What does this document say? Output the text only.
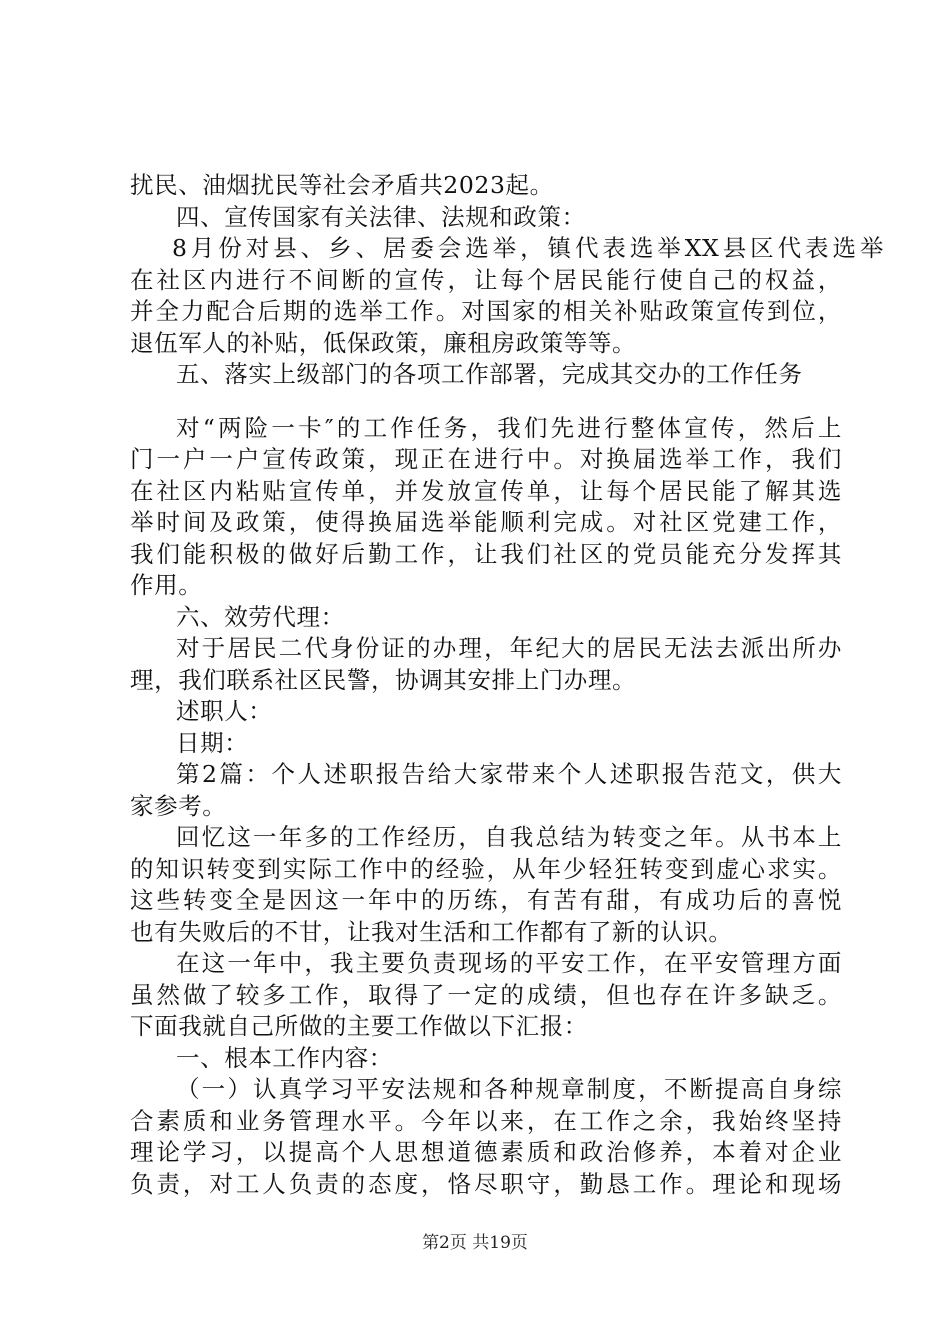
扰民、油烟扰民等社会矛盾共2023起。
四、宣传国家有关法律、法规和政策：
8月份对县、乡、居委会选举，镇代表选举XX县区代表选举
在社区内进行不间断的宣传，让每个居民能行使自己的权益，
并全力配合后期的选举工作。对国家的相关补贴政策宣传到位，
退伍军人的补贴，低保政策，廉租房政策等等。
五、落实上级部门的各项工作部署，完成其交办的工作任务
对“两险一卡″的工作任务，我们先进行整体宣传，然后上
门一户一户宣传政策，现正在进行中。对换届选举工作，我们
在社区内粘贴宣传单，并发放宣传单，让每个居民能了解其选
举时间及政策，使得换届选举能顺利完成。对社区党建工作，
我们能积极的做好后勤工作，让我们社区的党员能充分发挥其
作用。
六、效劳代理：
对于居民二代身份证的办理，年纪大的居民无法去派出所办
理，我们联系社区民警，协调其安排上门办理。
述职人：
日期：
第2篇：个人述职报告给大家带来个人述职报告范文，供大
家参考。
回忆这一年多的工作经历，自我总结为转变之年。从书本上
的知识转变到实际工作中的经验，从年少轻狂转变到虚心求实。
这些转变全是因这一年中的历练，有苦有甜，有成功后的喜悦
也有失败后的不甘，让我对生活和工作都有了新的认识。
在这一年中，我主要负责现场的平安工作，在平安管理方面
虽然做了较多工作，取得了一定的成绩，但也存在许多缺乏。
下面我就自己所做的主要工作做以下汇报：
一、根本工作内容：
（一）认真学习平安法规和各种规章制度，不断提高自身综
合素质和业务管理水平。今年以来，在工作之余，我始终坚持
理论学习，以提高个人思想道德素质和政治修养，本着对企业
负责，对工人负责的态度，恪尽职守，勤恳工作。理论和现场
第2页 共19页
